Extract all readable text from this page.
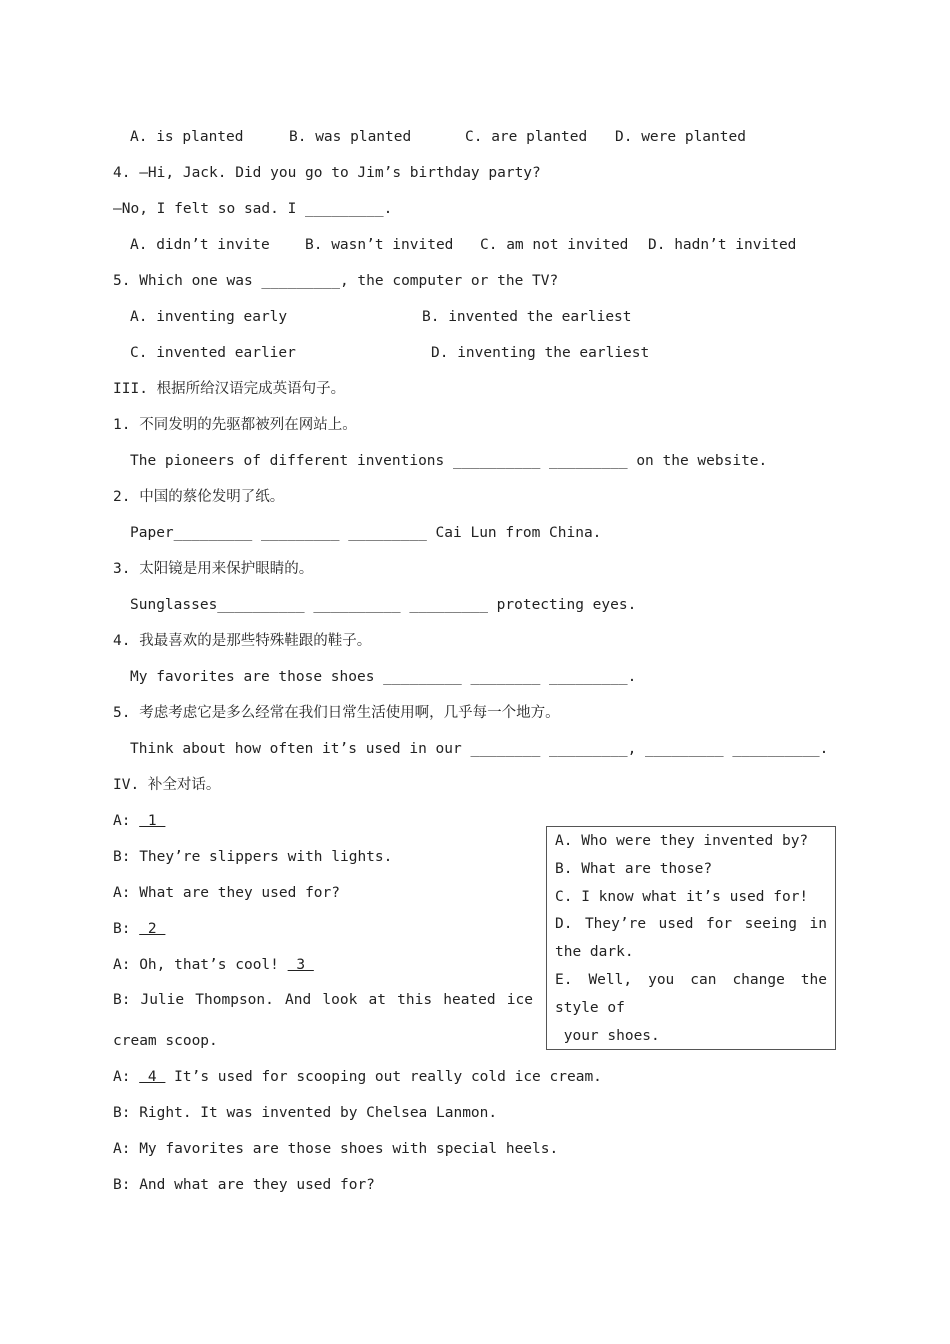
A. is planted	B. was planted	C. are planted D. were planted
4. —Hi, Jack. Did you go to Jim’s birthday party?
—No, I felt so sad. I _________.
A. didn’t invite B. wasn’t invited C. am not invited D. hadn’t invited
5. Which one was _________, the computer or the TV?
A. inventing early	B. invented the earliest
C. invented earlier	D. inventing the earliest
III. 根据所给汉语完成英语句子。
1. 不同发明的先驱都被列在网站上。
The pioneers of different inventions __________ _________ on the website.
2. 中国的蔡伦发明了纸。
Paper_________ _________ _________ Cai Lun from China.
3. 太阳镜是用来保护眼睛的。
Sunglasses__________ __________ _________ protecting eyes.
4. 我最喜欢的是那些特殊鞋跟的鞋子。
My favorites are those shoes _________ ________ _________.
5. 考虑考虑它是多么经常在我们日常生活使用啊，几乎每一个地方。
Think about how often it’s used in our ________ _________, _________ __________.
IV. 补全对话。
A:  1
B: They’re slippers with lights.
A: What are they used for?
B:  2
A: Oh, that’s cool!  3
B: Julie Thompson. And look at this heated ice
cream scoop.
A:  4  It’s used for scooping out really cold ice cream.
B: Right. It was invented by Chelsea Lanmon.
A: My favorites are those shoes with special heels.
B: And what are they used for?
A. Who were they invented by?
B. What are those?
C. I know what it’s used for!
D. They’re used for seeing in
the dark.
E. Well, you can change the
style of
your shoes.
